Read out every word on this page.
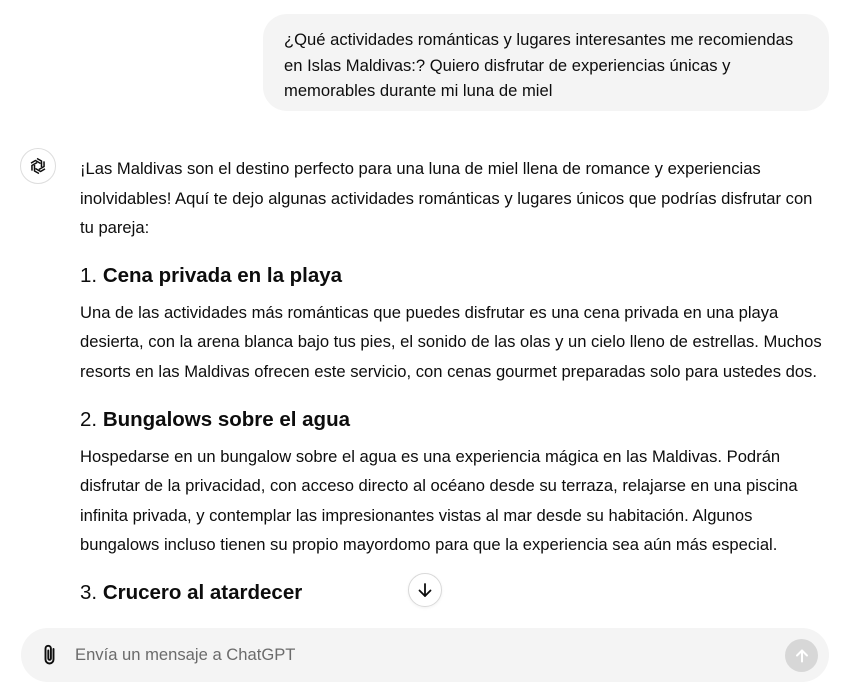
¿Qué actividades románticas y lugares interesantes me recomiendas en Islas Maldivas:? Quiero disfrutar de experiencias únicas y memorables durante mi luna de miel

¡Las Maldivas son el destino perfecto para una luna de miel llena de romance y experiencias inolvidables! Aquí te dejo algunas actividades románticas y lugares únicos que podrías disfrutar con tu pareja:

1. Cena privada en la playa

Una de las actividades más románticas que puedes disfrutar es una cena privada en una playa desierta, con la arena blanca bajo tus pies, el sonido de las olas y un cielo lleno de estrellas. Muchos resorts en las Maldivas ofrecen este servicio, con cenas gourmet preparadas solo para ustedes dos.

2. Bungalows sobre el agua

Hospedarse en un bungalow sobre el agua es una experiencia mágica en las Maldivas. Podrán disfrutar de la privacidad, con acceso directo al océano desde su terraza, relajarse en una piscina infinita privada, y contemplar las impresionantes vistas al mar desde su habitación. Algunos bungalows incluso tienen su propio mayordomo para que la experiencia sea aún más especial.

3. Crucero al atardecer
Envía un mensaje a ChatGPT
